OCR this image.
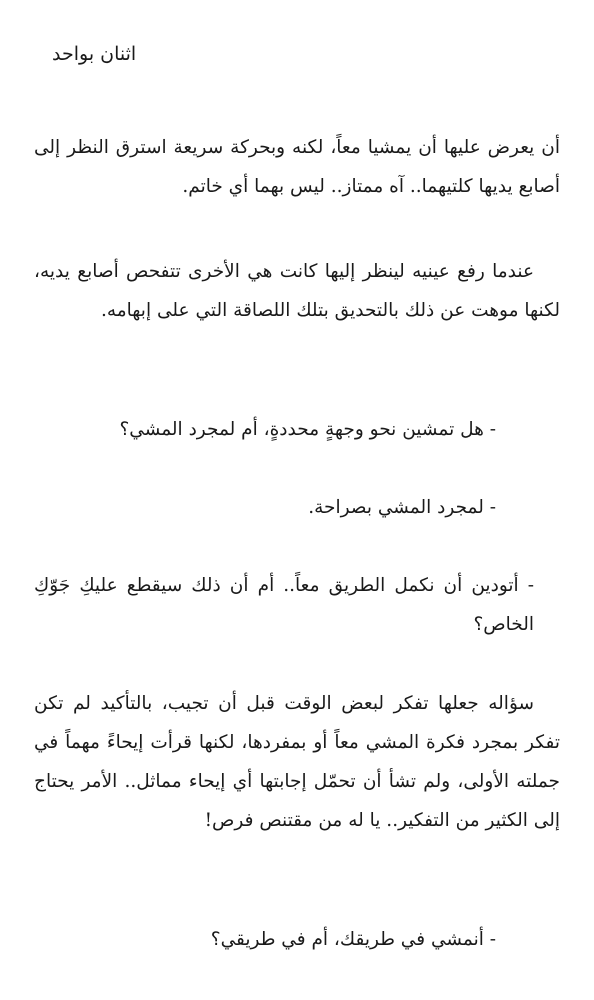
اثنان بواحد

أن يعرض عليها أن يمشيا معاً، لكنه وبحركة سريعة استرق النظر إلى أصابع يديها كلتيهما.. آه ممتاز.. ليس بهما أي خاتم.

عندما رفع عينيه لينظر إليها كانت هي الأخرى تتفحص أصابع يديه، لكنها موهت عن ذلك بالتحديق بتلك اللصاقة التي على إبهامه.

- هل تمشين نحو وجهةٍ محددةٍ، أم لمجرد المشي؟

- لمجرد المشي بصراحة.

- أتودين أن نكمل الطريق معاً.. أم أن ذلك سيقطع عليكِ جَوّكِ الخاص؟

سؤاله جعلها تفكر لبعض الوقت قبل أن تجيب، بالتأكيد لم تكن تفكر بمجرد فكرة المشي معاً أو بمفردها، لكنها قرأت إيحاءً مهماً في جملته الأولى، ولم تشأ أن تحمّل إجابتها أي إيحاء مماثل.. الأمر يحتاج إلى الكثير من التفكير.. يا له من مقتنص فرص!

- أنمشي في طريقك، أم في طريقي؟
